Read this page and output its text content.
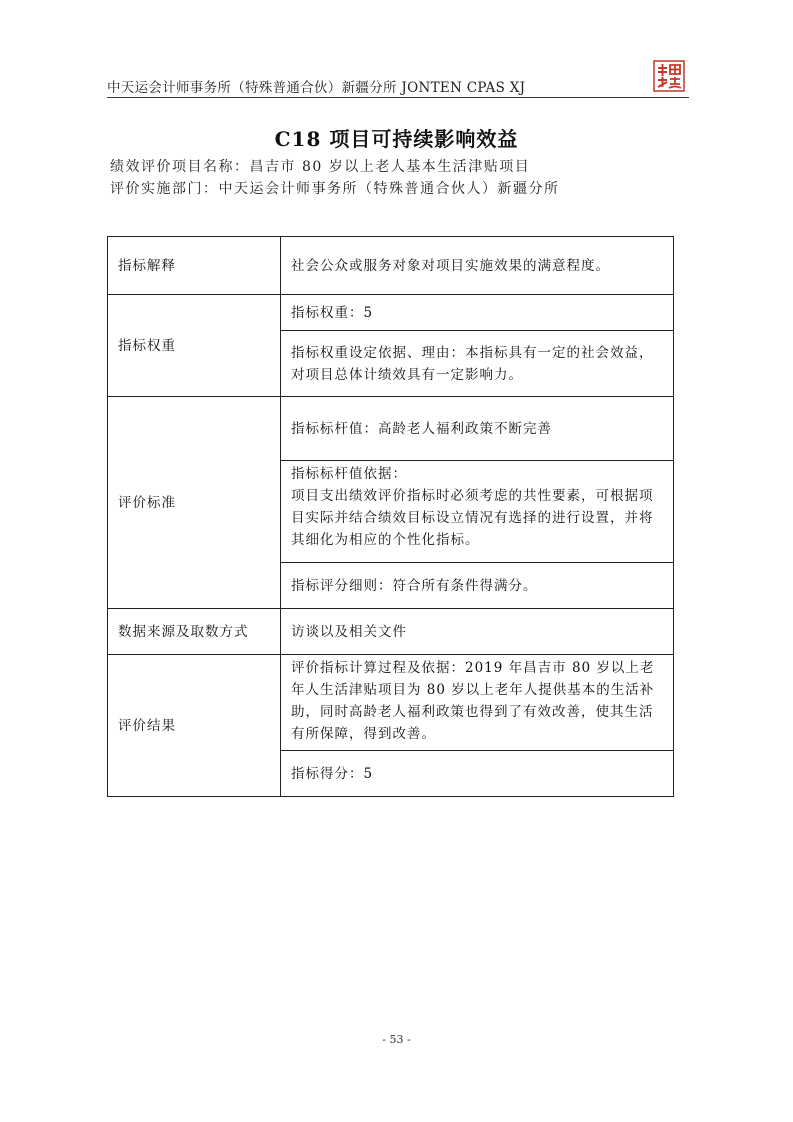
中天运会计师事务所（特殊普通合伙）新疆分所 JONTEN CPAS XJ
C18 项目可持续影响效益
绩效评价项目名称：昌吉市 80 岁以上老人基本生活津贴项目
评价实施部门：中天运会计师事务所（特殊普通合伙人）新疆分所
指标解释	社会公众或服务对象对项目实施效果的满意程度。
指标权重	指标权重：5
	指标权重设定依据、理由：本指标具有一定的社会效益，对项目总体计绩效具有一定影响力。
评价标准	指标标杆值：高龄老人福利政策不断完善

	指标标杆值依据：
项目支出绩效评价指标时必须考虑的共性要素，可根据项目实际并结合绩效目标设立情况有选择的进行设置，并将其细化为相应的个性化指标。

	指标评分细则：符合所有条件得满分。
数据来源及取数方式	访谈以及相关文件
评价结果	评价指标计算过程及依据：2019 年昌吉市 80 岁以上老年人生活津贴项目为 80 岁以上老年人提供基本的生活补助，同时高龄老人福利政策也得到了有效改善，使其生活有所保障，得到改善。
	指标得分：5
- 53 -
